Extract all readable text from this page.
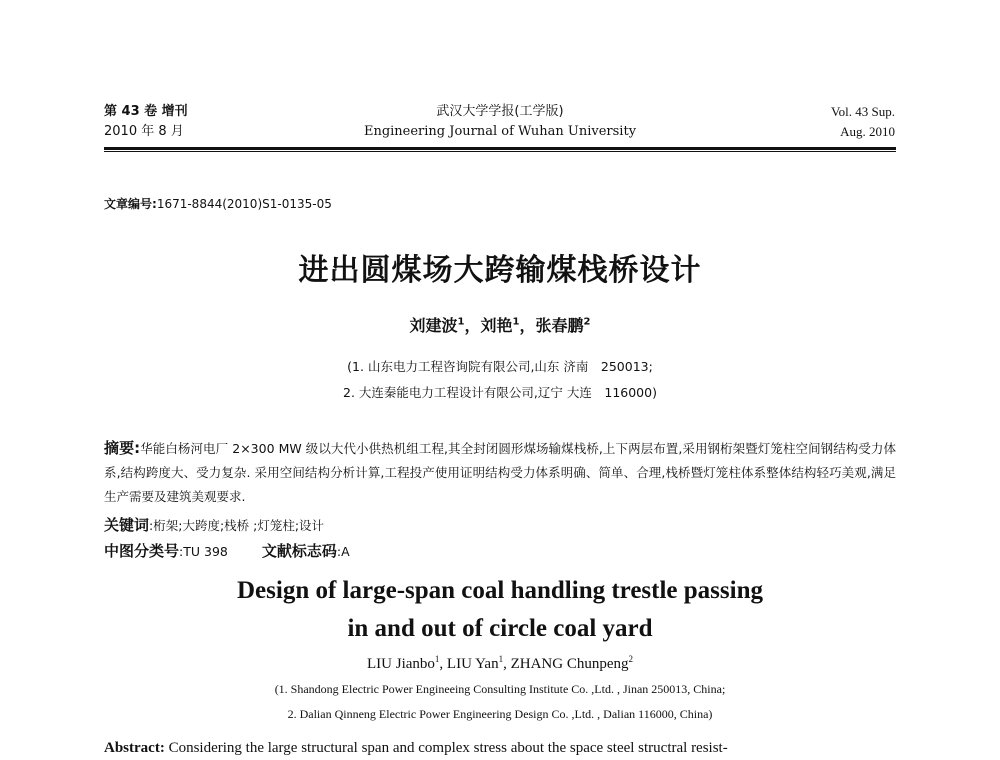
第 43 卷 增刊
2010 年 8 月
武汉大学学报(工学版)
Engineering Journal of Wuhan University
Vol. 43 Sup.
Aug. 2010
文章编号:1671-8844(2010)S1-0135-05
进出圆煤场大跨输煤栈桥设计
刘建波$^1$，刘艳$^1$，张春鹏$^2$
(1. 山东电力工程咨询院有限公司,山东 济南　250013;
2. 大连秦能电力工程设计有限公司,辽宁 大连　116000)
摘要:华能白杨河电厂 2×300 MW 级以大代小供热机组工程,其全封闭圆形煤场输煤栈桥,上下两层布置,采用钢桁架暨灯笼柱空间钢结构受力体系,结构跨度大、受力复杂. 采用空间结构分析计算,工程投产使用证明结构受力体系明确、简单、合理,栈桥暨灯笼柱体系整体结构轻巧美观,满足生产需要及建筑美观要求.
关键词:桁架;大跨度;栈桥 ;灯笼柱;设计
中图分类号:TU 398 文献标志码:A
Design of large-span coal handling trestle passing
in and out of circle coal yard
LIU Jianbo$^1$, LIU Yan$^1$, ZHANG Chunpeng$^2$
(1. Shandong Electric Power Engineeing Consulting Institute Co. ,Ltd. , Jinan 250013, China;
2. Dalian Qinneng Electric Power Engineering Design Co. ,Ltd. , Dalian 116000, China)
Abstract: Considering the large structural span and complex stress about the space steel structral resist-
